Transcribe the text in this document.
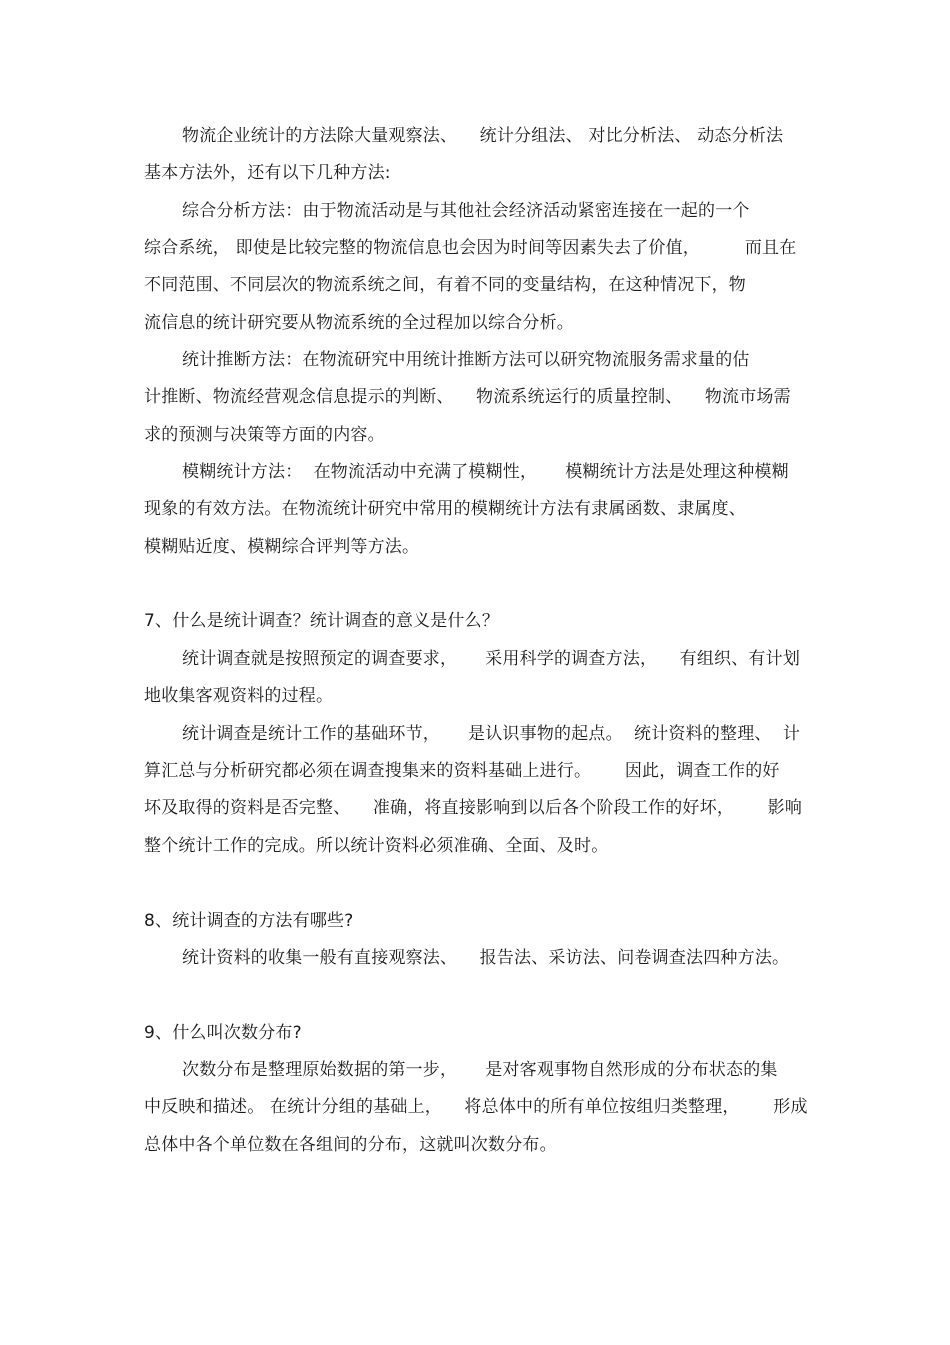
物流企业统计的方法除大量观察法、    统计分组法、 对比分析法、 动态分析法
基本方法外，还有以下几种方法:
综合分析方法：由于物流活动是与其他社会经济活动紧密连接在一起的一个
综合系统， 即使是比较完整的物流信息也会因为时间等因素失去了价值，        而且在
不同范围、不同层次的物流系统之间，有着不同的变量结构，在这种情况下，物
流信息的统计研究要从物流系统的全过程加以综合分析。
统计推断方法：在物流研究中用统计推断方法可以研究物流服务需求量的估
计推断、物流经营观念信息提示的判断、    物流系统运行的质量控制、    物流市场需
求的预测与决策等方面的内容。
模糊统计方法：  在物流活动中充满了模糊性，     模糊统计方法是处理这种模糊
现象的有效方法。在物流统计研究中常用的模糊统计方法有隶属函数、隶属度、
模糊贴近度、模糊综合评判等方法。
7、什么是统计调查？统计调查的意义是什么？
统计调查就是按照预定的调查要求，     采用科学的调查方法，    有组织、有计划
地收集客观资料的过程。
统计调查是统计工作的基础环节，     是认识事物的起点。  统计资料的整理、  计
算汇总与分析研究都必须在调查搜集来的资料基础上进行。      因此，调查工作的好
坏及取得的资料是否完整、    准确，将直接影响到以后各个阶段工作的好坏，      影响
整个统计工作的完成。所以统计资料必须准确、全面、及时。
8、统计调查的方法有哪些?
统计资料的收集一般有直接观察法、    报告法、采访法、问卷调查法四种方法。
9、什么叫次数分布?
次数分布是整理原始数据的第一步，     是对客观事物自然形成的分布状态的集
中反映和描述。 在统计分组的基础上，    将总体中的所有单位按组归类整理，      形成
总体中各个单位数在各组间的分布，这就叫次数分布。
